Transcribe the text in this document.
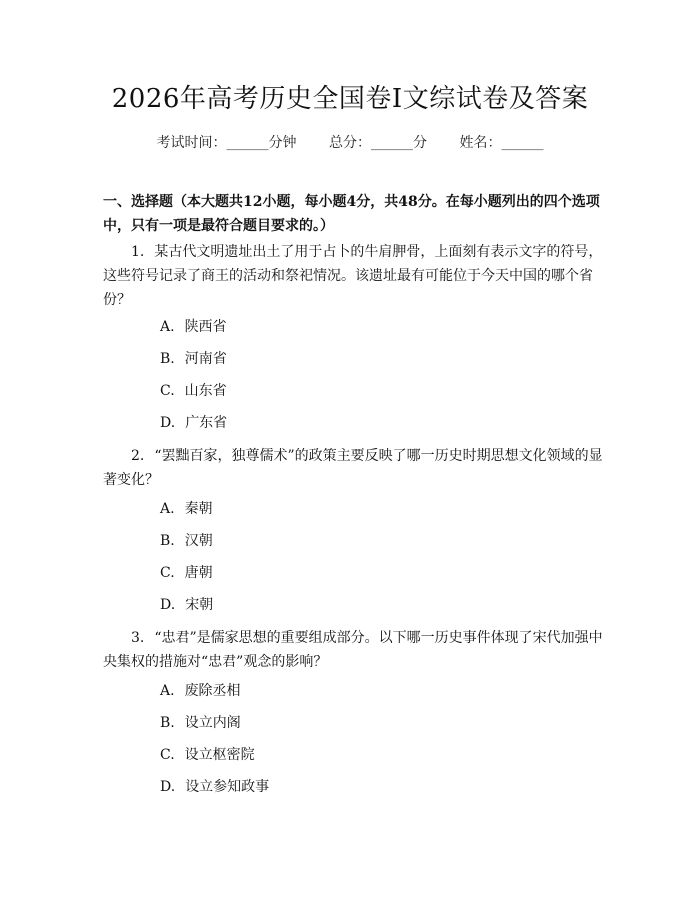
2026年高考历史全国卷Ⅰ文综试卷及答案
考试时间：______分钟 总分：______分 姓名：______
一、选择题（本大题共12小题，每小题4分，共48分。在每小题列出的四个选项中，只有一项是最符合题目要求的。）
1. 某古代文明遗址出土了用于占卜的牛肩胛骨，上面刻有表示文字的符号，这些符号记录了商王的活动和祭祀情况。该遗址最有可能位于今天中国的哪个省份？
A. 陕西省
B. 河南省
C. 山东省
D. 广东省
2. “罢黜百家，独尊儒术”的政策主要反映了哪一历史时期思想文化领域的显著变化？
A. 秦朝
B. 汉朝
C. 唐朝
D. 宋朝
3. “忠君”是儒家思想的重要组成部分。以下哪一历史事件体现了宋代加强中央集权的措施对“忠君”观念的影响？
A. 废除丞相
B. 设立内阁
C. 设立枢密院
D. 设立参知政事
